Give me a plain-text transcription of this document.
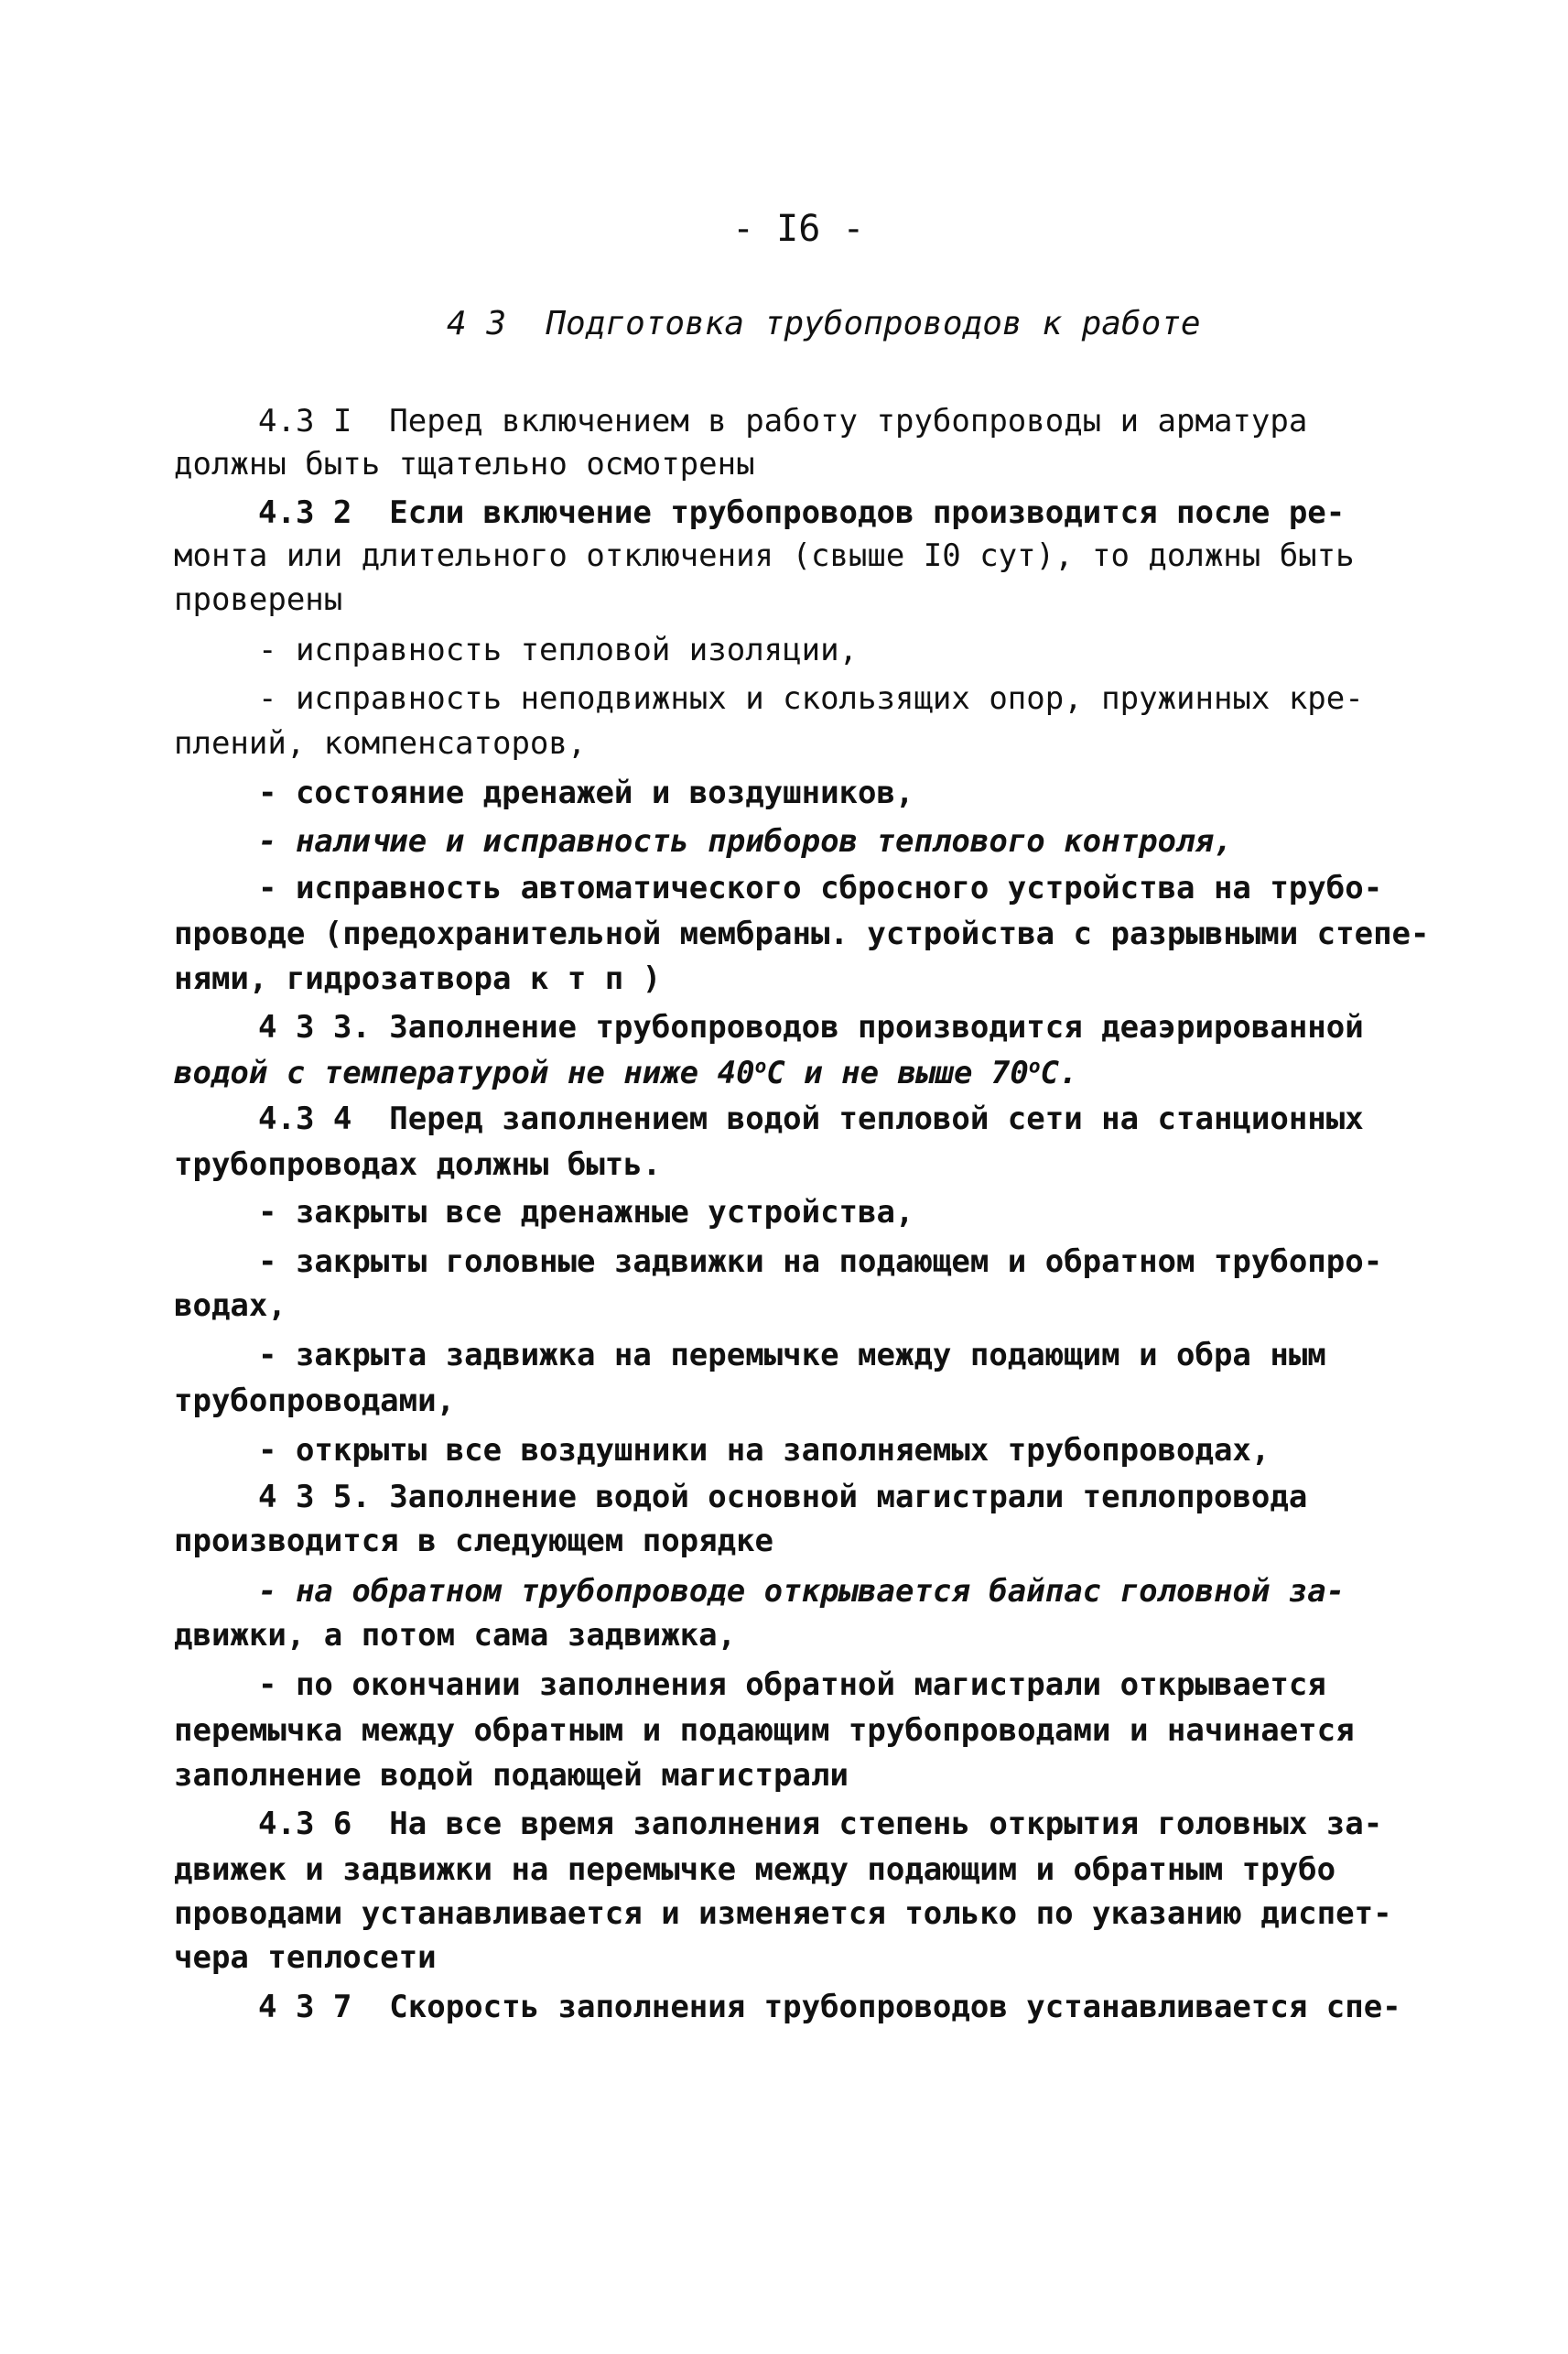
- I6 -
4 3  Подготовка трубопроводов к работе
4.3 I  Перед включением в работу трубопроводы и арматура
должны быть тщательно осмотрены
4.3 2  Если включение трубопроводов производится после ре-
монта или длительного отключения (свыше I0 сут), то должны быть
проверены
- исправность тепловой изоляции,
- исправность неподвижных и скользящих опор, пружинных кре-
плений, компенсаторов,
- состояние дренажей и воздушников,
- наличие и исправность приборов теплового контроля,
- исправность автоматического сбросного устройства на трубо-
проводе (предохранительной мембраны. устройства с разрывными степе-
нями, гидрозатвора к т п )
4 3 3. Заполнение трубопроводов производится деаэрированной
водой с температурой не ниже $40^оС$ и не выше $70^оС$.
4.3 4  Перед заполнением водой тепловой сети на станционных
трубопроводах должны быть.
- закрыты все дренажные устройства,
- закрыты головные задвижки на подающем и обратном трубопро-
водах,
- закрыта задвижка на перемычке между подающим и обра ным
трубопроводами,
- открыты все воздушники на заполняемых трубопроводах,
4 3 5. Заполнение водой основной магистрали теплопровода
производится в следующем порядке
- на обратном трубопроводе открывается байпас головной за-
движки, а потом сама задвижка,
- по окончании заполнения обратной магистрали открывается
перемычка между обратным и подающим трубопроводами и начинается
заполнение водой подающей магистрали
4.3 6  На все время заполнения степень открытия головных за-
движек и задвижки на перемычке между подающим и обратным трубо
проводами устанавливается и изменяется только по указанию диспет-
чера теплосети
4 3 7  Скорость заполнения трубопроводов устанавливается спе-
